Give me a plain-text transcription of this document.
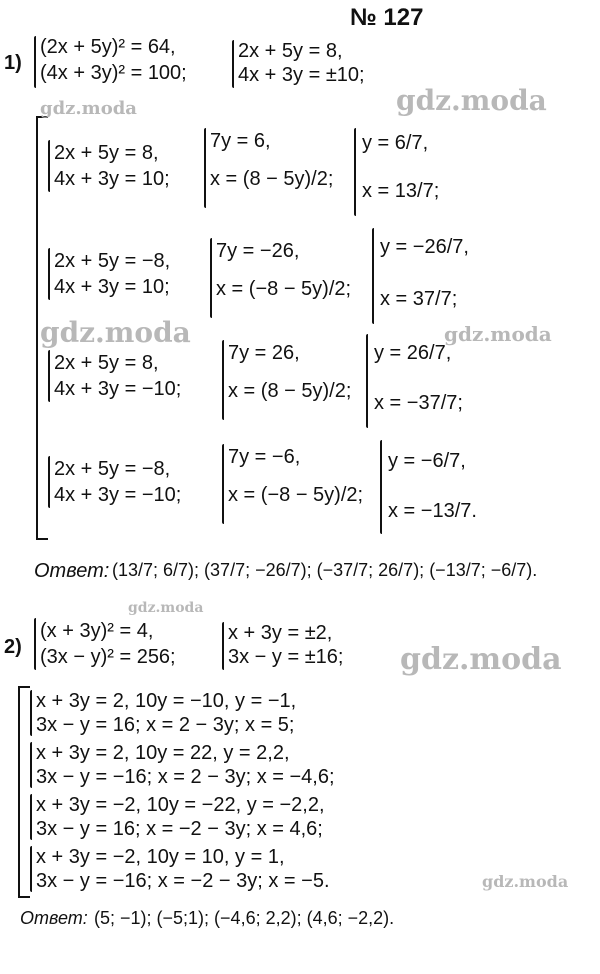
№ 127
1)
(2x + 5y)² = 64,
(4x + 3y)² = 100;
2x + 5y = 8,
4x + 3y = ±10;
2x + 5y = 8,
4x + 3y = 10;
7y = 6,
x = (8 − 5y)/2;
y = 6/7,
x = 13/7;
2x + 5y = −8,
4x + 3y = 10;
7y = −26,
x = (−8 − 5y)/2;
y = −26/7,
x = 37/7;
2x + 5y = 8,
4x + 3y = −10;
7y = 26,
x = (8 − 5y)/2;
y = 26/7,
x = −37/7;
2x + 5y = −8,
4x + 3y = −10;
7y = −6,
x = (−8 − 5y)/2;
y = −6/7,
x = −13/7.
Ответ: (13/7; 6/7); (37/7; −26/7); (−37/7; 26/7); (−13/7; −6/7).
2)
(x + 3y)² = 4,
(3x − y)² = 256;
x + 3y = ±2,
3x − y = ±16;
x + 3y = 2, 10y = −10, y = −1,
3x − y = 16; x = 2 − 3y; x = 5;
x + 3y = 2, 10y = 22, y = 2,2,
3x − y = −16; x = 2 − 3y; x = −4,6;
x + 3y = −2, 10y = −22, y = −2,2,
3x − y = 16; x = −2 − 3y; x = 4,6;
x + 3y = −2, 10y = 10, y = 1,
3x − y = −16; x = −2 − 3y; x = −5.
Ответ: (5; −1); (−5;1); (−4,6; 2,2); (4,6; −2,2).
gdz.moda	gdz.moda
gdz.moda	gdz.moda
gdz.moda
gdz.moda
gdz.moda
